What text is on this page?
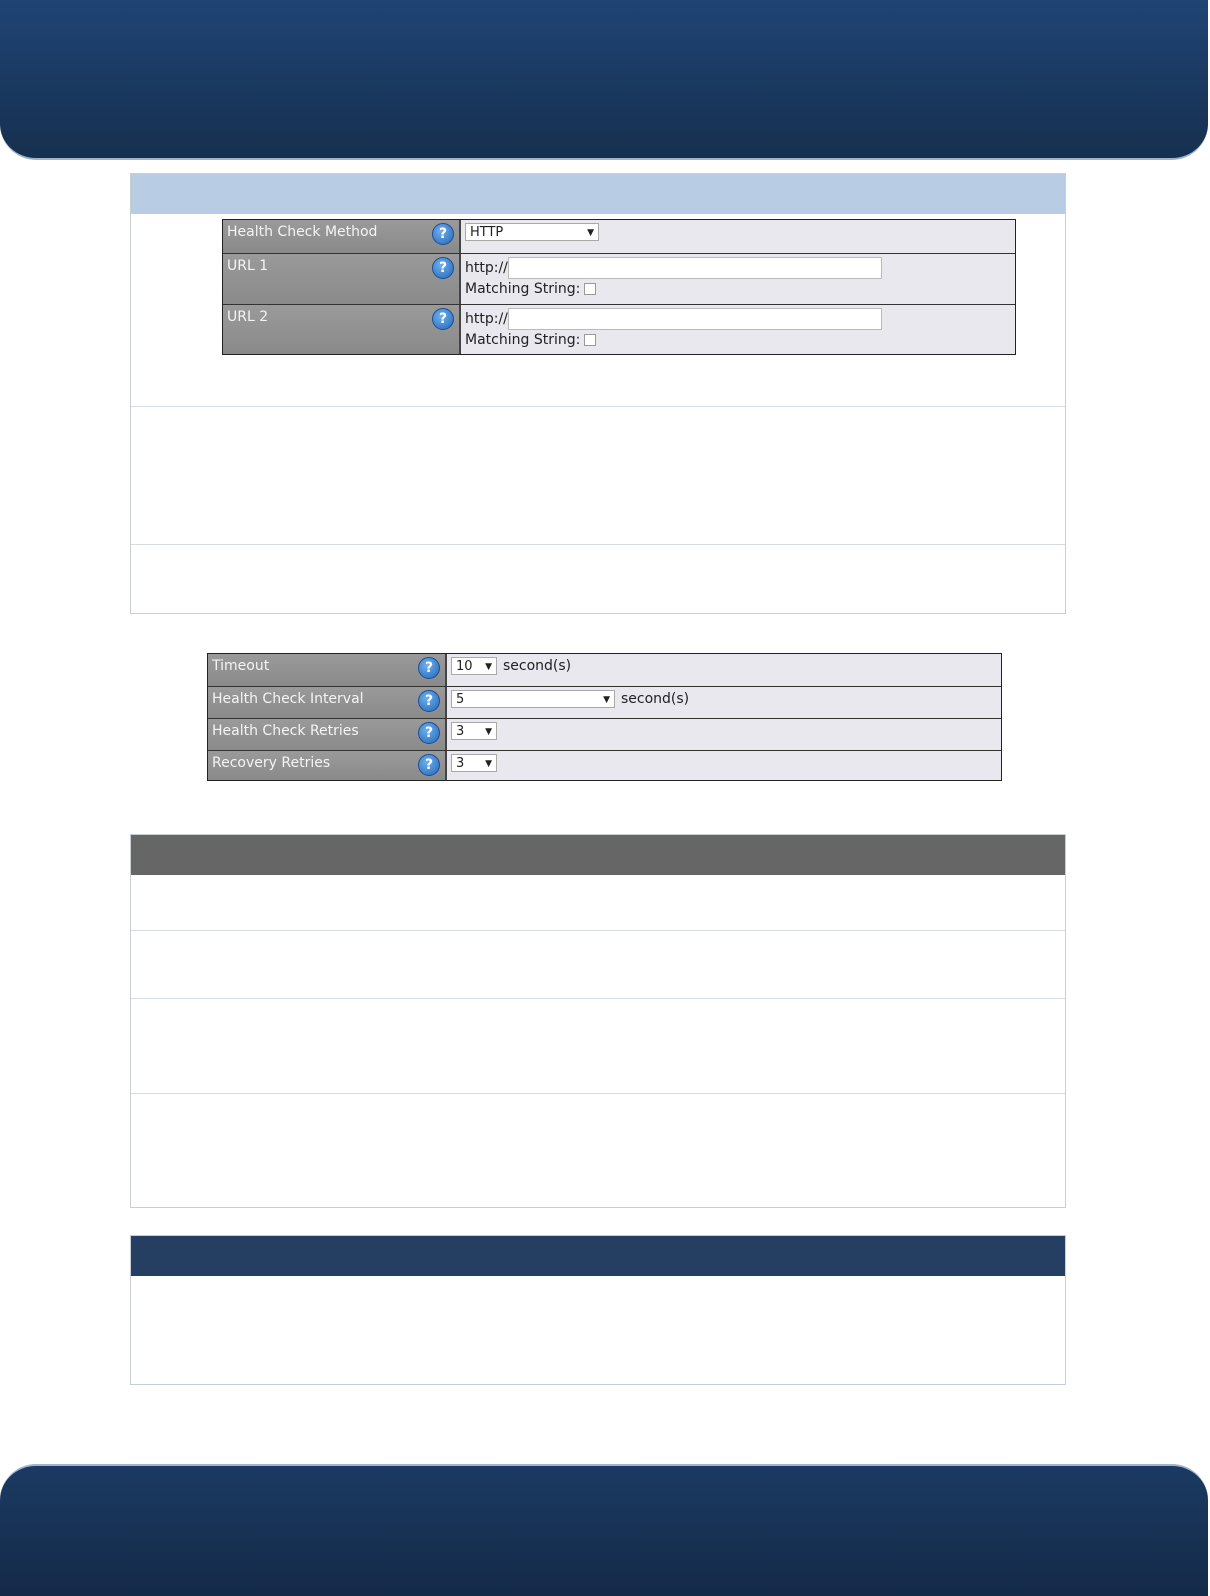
Health Check Method	?	HTTP	▼
URL 1	?	http://
Matching String:
URL 2	?	http://
Matching String:
Timeout	?	10 ▼ second(s)
Health Check Interval	?	5	▼ second(s)
Health Check Retries	?	3 ▼
Recovery Retries	?	3 ▼
